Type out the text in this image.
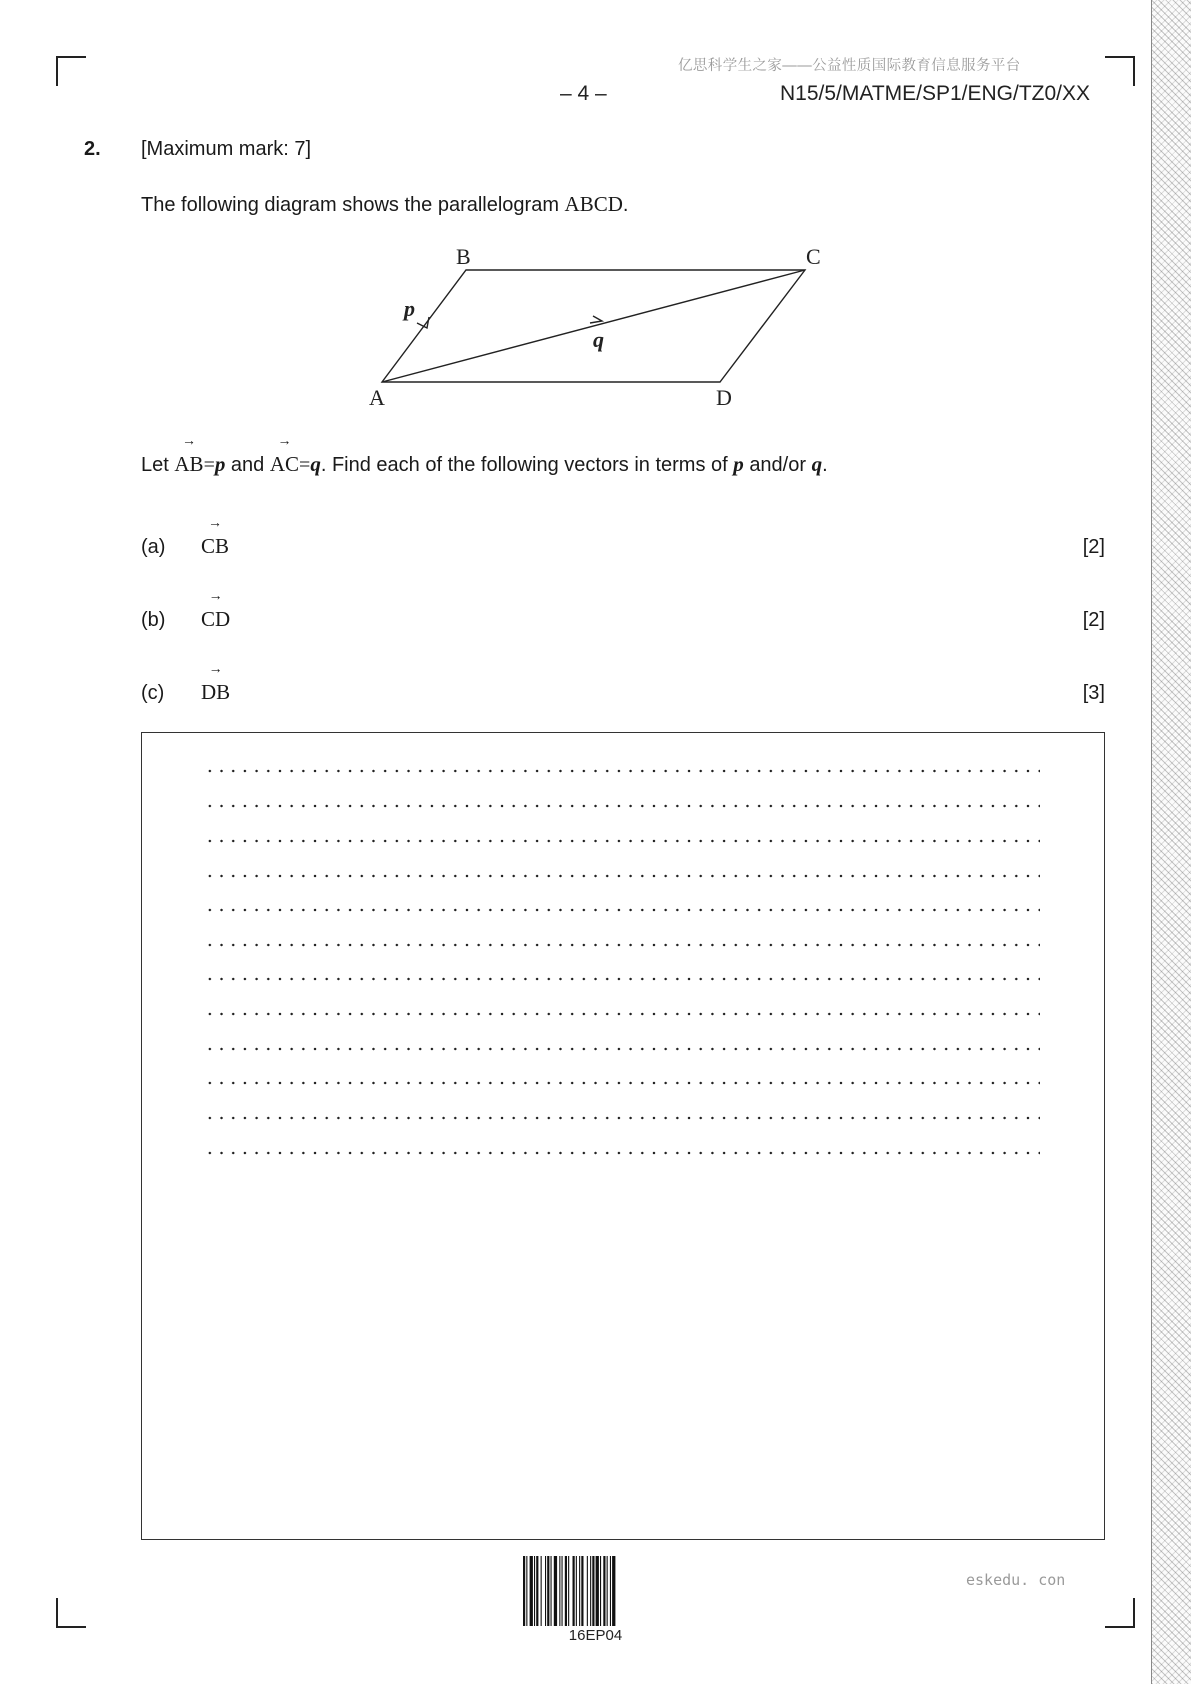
亿思科学生之家——公益性质国际教育信息服务平台
– 4 –	N15/5/MATME/SP1/ENG/TZ0/XX
2. [Maximum mark: 7]
The following diagram shows the parallelogram ABCD.
A
B	C
D
p
q
Let
→
AB=p and
→
AC=q. Find each of the following vectors in terms of p and/or q.
(a)
→
CB	[2]
(b)
→
CD	[2]
(c)
→
DB	[3]
16EP04
eskedu. con
